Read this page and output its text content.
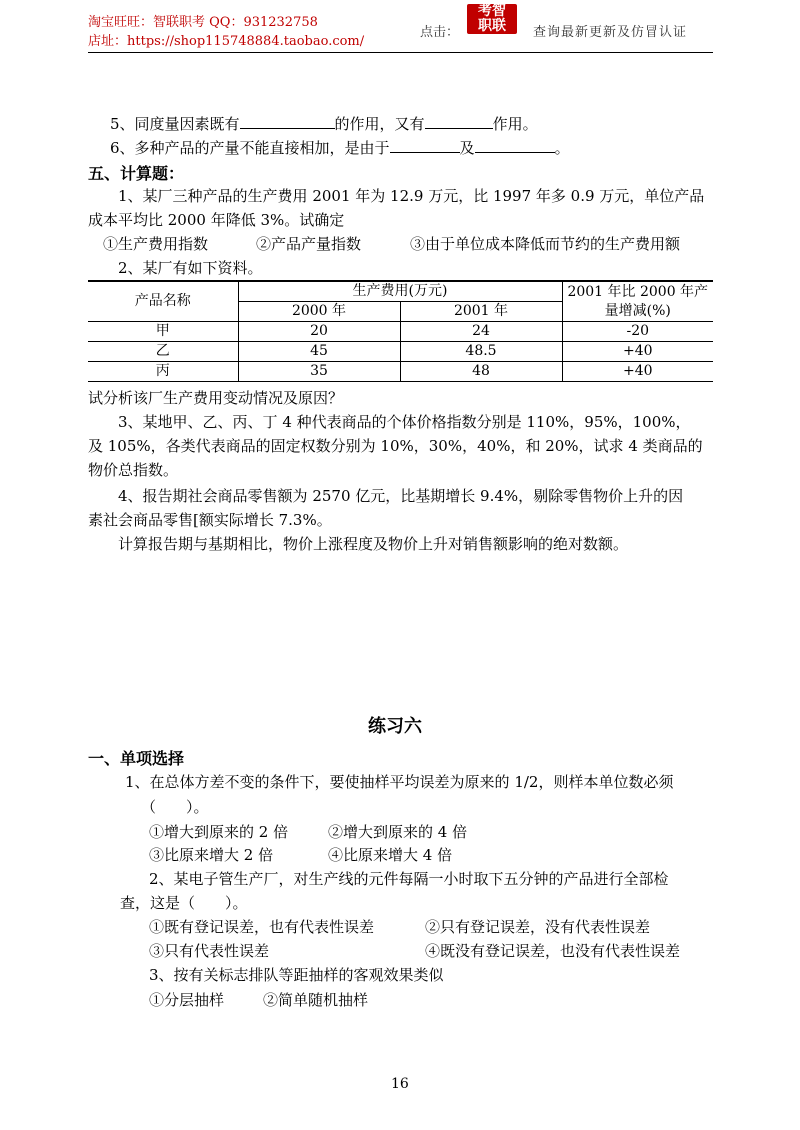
淘宝旺旺：智联职考 QQ：931232758
店址：https://shop115748884.taobao.com/
点击：
考智职联 查询最新更新及仿冒认证
5、同度量因素既有	的作用，又有	作用。
6、多种产品的产量不能直接相加，是由于	及	。
五、计算题：
1、某厂三种产品的生产费用 2001 年为 12.9 万元，比 1997 年多 0.9 万元，单位产品
成本平均比 2000 年降低 3%。试确定
①生产费用指数	②产品产量指数	③由于单位成本降低而节约的生产费用额
2、某厂有如下资料。
产品名称	生产费用(万元)		2001 年比 2000 年产
量增减(%)
	2000 年	2001 年	
甲	20	24	-20
乙	45	48.5	+40
丙	35	48	+40
试分析该厂生产费用变动情况及原因？
3、某地甲、乙、丙、丁 4 种代表商品的个体价格指数分别是 110%，95%，100%，
及 105%，各类代表商品的固定权数分别为 10%，30%，40%，和 20%，试求 4 类商品的
物价总指数。
4、报告期社会商品零售额为 2570 亿元，比基期增长 9.4%，剔除零售物价上升的因
素社会商品零售[额实际增长 7.3%。
计算报告期与基期相比，物价上涨程度及物价上升对销售额影响的绝对数额。
练习六
一、单项选择
1、在总体方差不变的条件下，要使抽样平均误差为原来的 1/2，则样本单位数必须
（　　）。
①增大到原来的 2 倍	②增大到原来的 4 倍
③比原来增大 2 倍	④比原来增大 4 倍
2、某电子管生产厂，对生产线的元件每隔一小时取下五分钟的产品进行全部检
查，这是（　　）。
①既有登记误差，也有代表性误差	②只有登记误差，没有代表性误差
③只有代表性误差	④既没有登记误差，也没有代表性误差
3、按有关标志排队等距抽样的客观效果类似
①分层抽样	②简单随机抽样
16
